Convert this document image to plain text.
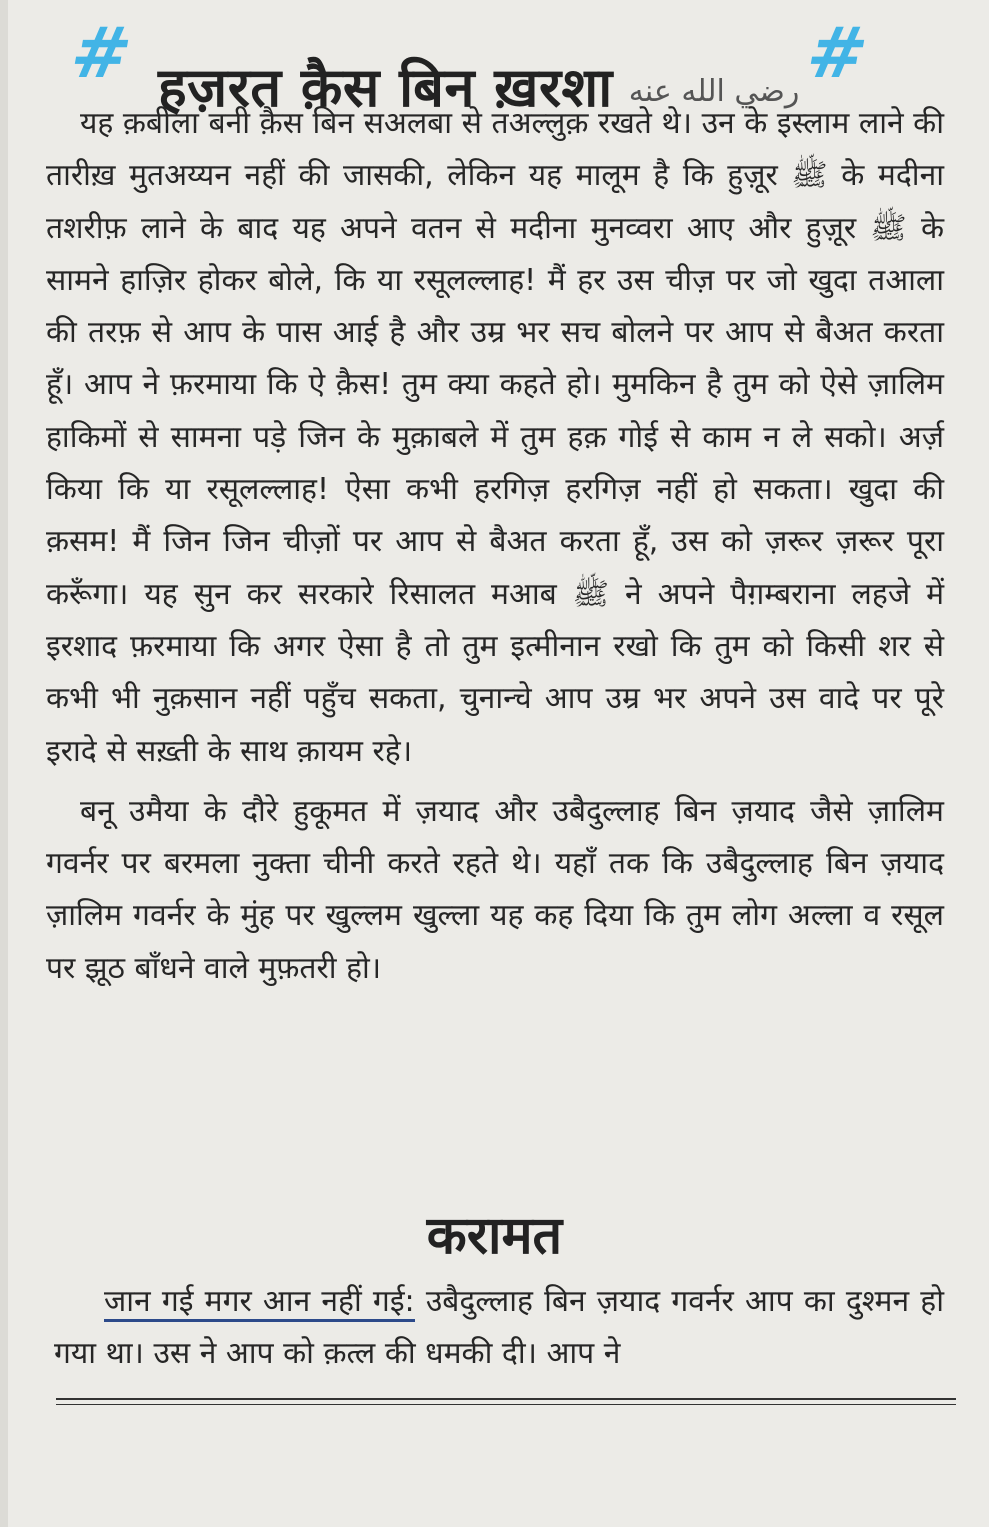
# हज़रत क़ैस बिन ख़रशा رضي الله عنه #

यह क़बीला बनी क़ैस बिन सअलबा से तअल्लुक़ रखते थे। उन के इस्लाम लाने की तारीख़ मुतअय्यन नहीं की जासकी, लेकिन यह मालूम है कि हुज़ूर ﷺ के मदीना तशरीफ़ लाने के बाद यह अपने वतन से मदीना मुनव्वरा आए और हुज़ूर ﷺ के सामने हाज़िर होकर बोले, कि या रसूलल्लाह! मैं हर उस चीज़ पर जो खुदा तआला की तरफ़ से आप के पास आई है और उम्र भर सच बोलने पर आप से बैअत करता हूँ। आप ने फ़रमाया कि ऐ क़ैस! तुम क्या कहते हो। मुमकिन है तुम को ऐसे ज़ालिम हाकिमों से सामना पड़े जिन के मुक़ाबले में तुम हक़ गोई से काम न ले सको। अर्ज़ किया कि या रसूलल्लाह! ऐसा कभी हरगिज़ हरगिज़ नहीं हो सकता। खुदा की क़सम! मैं जिन जिन चीज़ों पर आप से बैअत करता हूँ, उस को ज़रूर ज़रूर पूरा करूँगा। यह सुन कर सरकारे रिसालत मआब ﷺ ने अपने पैग़म्बराना लहजे में इरशाद फ़रमाया कि अगर ऐसा है तो तुम इत्मीनान रखो कि तुम को किसी शर से कभी भी नुक़सान नहीं पहुँच सकता, चुनान्चे आप उम्र भर अपने उस वादे पर पूरे इरादे से सख़्ती के साथ क़ायम रहे।

बनू उमैया के दौरे हुकूमत में ज़याद और उबैदुल्लाह बिन ज़याद जैसे ज़ालिम गवर्नर पर बरमला नुक्ता चीनी करते रहते थे। यहाँ तक कि उबैदुल्लाह बिन ज़याद ज़ालिम गवर्नर के मुंह पर खुल्लम खुल्ला यह कह दिया कि तुम लोग अल्ला व रसूल पर झूठ बाँधने वाले मुफ़तरी हो।

करामत

जान गई मगर आन नहीं गई: उबैदुल्लाह बिन ज़याद गवर्नर आप का दुश्मन हो गया था। उस ने आप को क़त्ल की धमकी दी। आप ने
